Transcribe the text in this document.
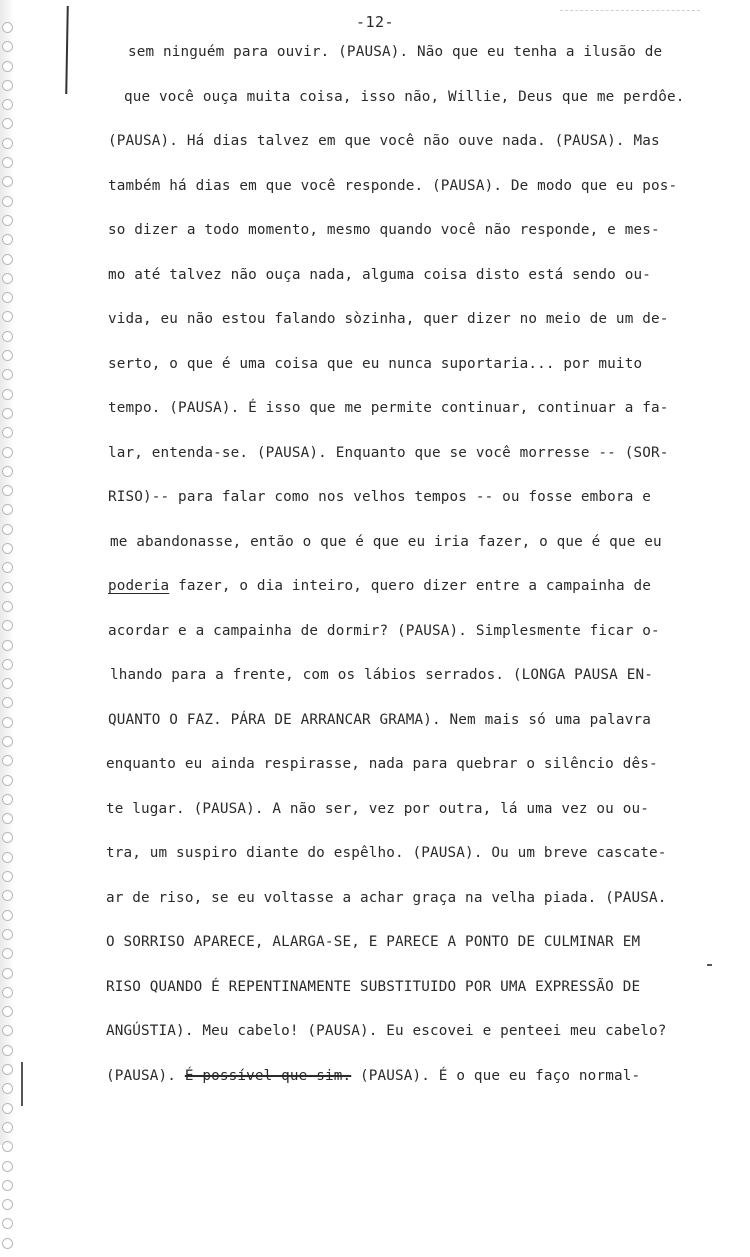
-12-
sem ninguém para ouvir. (PAUSA). Não que eu tenha a ilusão de
que você ouça muita coisa, isso não, Willie, Deus que me perdôe.
(PAUSA). Há dias talvez em que você não ouve nada. (PAUSA). Mas
também há dias em que você responde. (PAUSA). De modo que eu pos-
so dizer a todo momento, mesmo quando você não responde, e mes-
mo até talvez não ouça nada, alguma coisa disto está sendo ou-
vida, eu não estou falando sòzinha, quer dizer no meio de um de-
serto, o que é uma coisa que eu nunca suportaria... por muito
tempo. (PAUSA). É isso que me permite continuar, continuar a fa-
lar, entenda-se. (PAUSA). Enquanto que se você morresse -- (SOR-
RISO)-- para falar como nos velhos tempos -- ou fosse embora e
me abandonasse, então o que é que eu iria fazer, o que é que eu
poderia fazer, o dia inteiro, quero dizer entre a campainha de
acordar e a campainha de dormir? (PAUSA). Simplesmente ficar o-
lhando para a frente, com os lábios serrados. (LONGA PAUSA EN-
QUANTO O FAZ. PÁRA DE ARRANCAR GRAMA). Nem mais só uma palavra
enquanto eu ainda respirasse, nada para quebrar o silêncio dês-
te lugar. (PAUSA). A não ser, vez por outra, lá uma vez ou ou-
tra, um suspiro diante do espêlho. (PAUSA). Ou um breve cascate-
ar de riso, se eu voltasse a achar graça na velha piada. (PAUSA.
O SORRISO APARECE, ALARGA-SE, E PARECE A PONTO DE CULMINAR EM
RISO QUANDO É REPENTINAMENTE SUBSTITUIDO POR UMA EXPRESSÃO DE
ANGÚSTIA). Meu cabelo! (PAUSA). Eu escovei e penteei meu cabelo?
(PAUSA). É possível que sim. (PAUSA). É o que eu faço normal-
